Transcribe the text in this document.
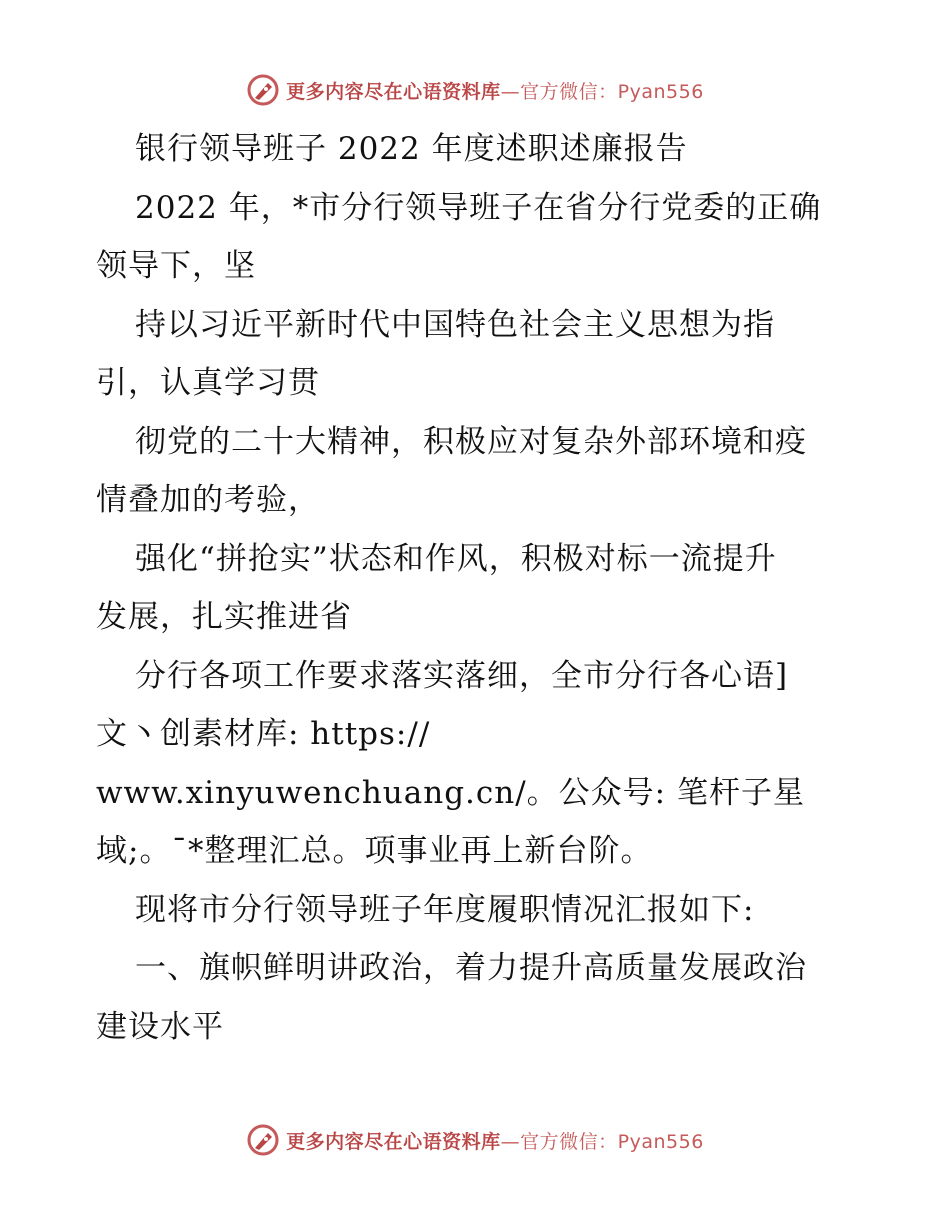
更多内容尽在心语资料库—官方微信：Pyan556
银行领导班子 2022 年度述职述廉报告
2022 年，*市分行领导班子在省分行党委的正确
领导下，坚
持以习近平新时代中国特色社会主义思想为指
引，认真学习贯
彻党的二十大精神，积极应对复杂外部环境和疫
情叠加的考验，
强化“拼抢实”状态和作风，积极对标一流提升
发展，扎实推进省
分行各项工作要求落实落细，全市分行各心语]
文丶创素材库: https://
www.xinyuwenchuang.cn/。公众号: 笔杆子星
域;。¯*整理汇总。项事业再上新台阶。
现将市分行领导班子年度履职情况汇报如下:
一、旗帜鲜明讲政治，着力提升高质量发展政治
建设水平
更多内容尽在心语资料库—官方微信：Pyan556
